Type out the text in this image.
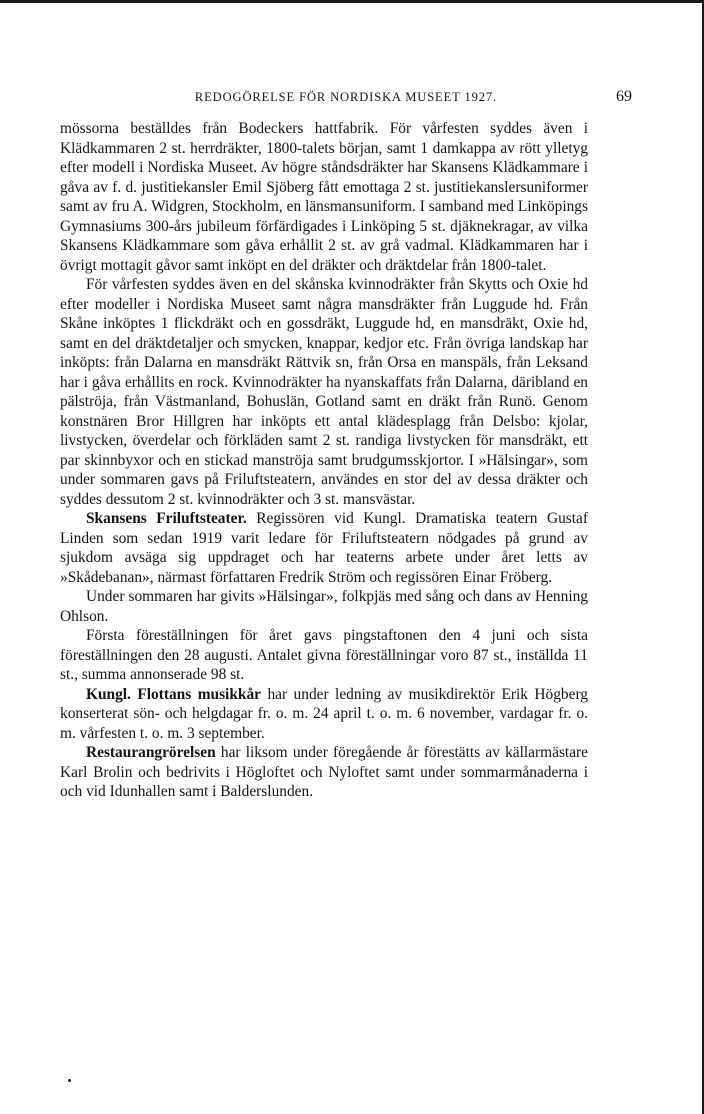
REDOGÖRELSE FÖR NORDISKA MUSEET 1927.	69

mössorna beställdes från Bodeckers hattfabrik. För vårfesten syddes även i Klädkammaren 2 st. herrdräkter, 1800-talets början, samt 1 damkappa av rött ylletyg efter modell i Nordiska Museet. Av högre ståndsdräkter har Skansens Klädkammare i gåva av f. d. justitiekansler Emil Sjöberg fått emottaga 2 st. justitiekanslersuniformer samt av fru A. Widgren, Stockholm, en länsmansuniform. I samband med Linköpings Gymnasiums 300-års jubileum förfärdigades i Linköping 5 st. djäknekragar, av vilka Skansens Klädkammare som gåva erhållit 2 st. av grå vadmal. Klädkammaren har i övrigt mottagit gåvor samt inköpt en del dräkter och dräktdelar från 1800-talet.

För vårfesten syddes även en del skånska kvinnodräkter från Skytts och Oxie hd efter modeller i Nordiska Museet samt några mansdräkter från Luggude hd. Från Skåne inköptes 1 flickdräkt och en gossdräkt, Luggude hd, en mansdräkt, Oxie hd, samt en del dräktdetaljer och smycken, knappar, kedjor etc. Från övriga landskap har inköpts: från Dalarna en mansdräkt Rättvik sn, från Orsa en manspäls, från Leksand har i gåva erhållits en rock. Kvinnodräkter ha nyanskaffats från Dalarna, däribland en pälströja, från Västmanland, Bohuslän, Gotland samt en dräkt från Runö. Genom konstnären Bror Hillgren har inköpts ett antal klädesplagg från Delsbo: kjolar, livstycken, överdelar och förkläden samt 2 st. randiga livstycken för mansdräkt, ett par skinnbyxor och en stickad manströja samt brudgumsskjortor. I »Hälsingar», som under sommaren gavs på Friluftsteatern, användes en stor del av dessa dräkter och syddes dessutom 2 st. kvinnodräkter och 3 st. mansvästar.

Skansens Friluftsteater. Regissören vid Kungl. Dramatiska teatern Gustaf Linden som sedan 1919 varit ledare för Friluftsteatern nödgades på grund av sjukdom avsäga sig uppdraget och har teaterns arbete under året letts av »Skådebanan», närmast författaren Fredrik Ström och regissören Einar Fröberg.

Under sommaren har givits »Hälsingar», folkpjäs med sång och dans av Henning Ohlson.

Första föreställningen för året gavs pingstaftonen den 4 juni och sista föreställningen den 28 augusti. Antalet givna föreställningar voro 87 st., inställda 11 st., summa annonserade 98 st.

Kungl. Flottans musikkår har under ledning av musikdirektör Erik Högberg konserterat sön- och helgdagar fr. o. m. 24 april t. o. m. 6 november, vardagar fr. o. m. vårfesten t. o. m. 3 september.

Restaurangrörelsen har liksom under föregående år förestätts av källarmästare Karl Brolin och bedrivits i Högloftet och Nyloftet samt under sommarmånaderna i och vid Idunhallen samt i Balderslunden.
